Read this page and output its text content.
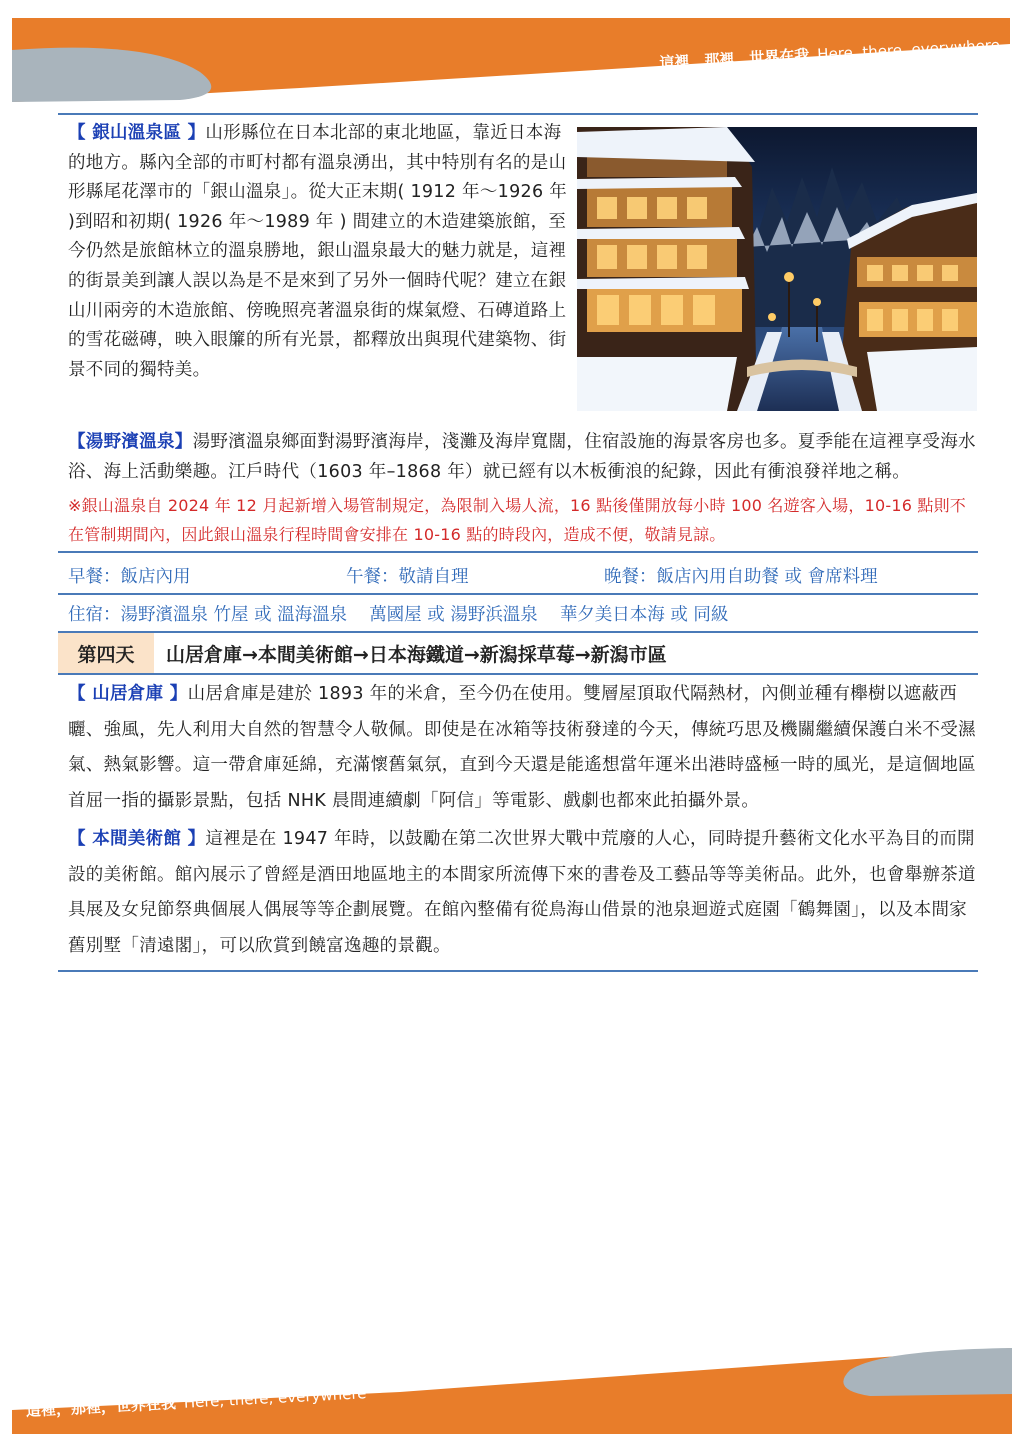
這裡，那裡，世界在我 Here, there, everywhere
【 銀山溫泉區 】山形縣位在日本北部的東北地區，靠近日本海的地方。縣內全部的市町村都有溫泉湧出，其中特別有名的是山形縣尾花澤市的「銀山溫泉」。從大正末期( 1912 年～1926 年 )到昭和初期( 1926 年～1989 年 ) 間建立的木造建築旅館，至今仍然是旅館林立的溫泉勝地，銀山溫泉最大的魅力就是，這裡的街景美到讓人誤以為是不是來到了另外一個時代呢？建立在銀山川兩旁的木造旅館、傍晚照亮著溫泉街的煤氣燈、石磚道路上的雪花磁磚，映入眼簾的所有光景，都釋放出與現代建築物、街景不同的獨特美。
【湯野濱溫泉】湯野濱溫泉鄉面對湯野濱海岸，淺灘及海岸寬闊，住宿設施的海景客房也多。夏季能在這裡享受海水浴、海上活動樂趣。江戶時代（1603 年–1868 年）就已經有以木板衝浪的紀錄，因此有衝浪發祥地之稱。
※銀山溫泉自 2024 年 12 月起新增入場管制規定，為限制入場人流，16 點後僅開放每小時 100 名遊客入場，10-16 點則不在管制期間內，因此銀山溫泉行程時間會安排在 10-16 點的時段內，造成不便，敬請見諒。
早餐：飯店內用	午餐：敬請自理	晚餐：飯店內用自助餐 或 會席料理
住宿：湯野濱溫泉 竹屋 或 溫海溫泉 萬國屋 或 湯野浜溫泉 華夕美日本海 或 同級
第四天	山居倉庫→本間美術館→日本海鐵道→新潟採草莓→新潟市區
【 山居倉庫 】山居倉庫是建於 1893 年的米倉，至今仍在使用。雙層屋頂取代隔熱材，內側並種有櫸樹以遮蔽西曬、強風，先人利用大自然的智慧令人敬佩。即使是在冰箱等技術發達的今天，傳統巧思及機關繼續保護白米不受濕氣、熱氣影響。這一帶倉庫延綿，充滿懷舊氣氛，直到今天還是能遙想當年運米出港時盛極一時的風光，是這個地區首屈一指的攝影景點，包括 NHK 晨間連續劇「阿信」等電影、戲劇也都來此拍攝外景。
【 本間美術館 】這裡是在 1947 年時，以鼓勵在第二次世界大戰中荒廢的人心，同時提升藝術文化水平為目的而開設的美術館。館內展示了曾經是酒田地區地主的本間家所流傳下來的書卷及工藝品等等美術品。此外，也會舉辦茶道具展及女兒節祭典個展人偶展等等企劃展覽。在館內整備有從鳥海山借景的池泉迴遊式庭園「鶴舞園」，以及本間家舊別墅「清遠閣」，可以欣賞到饒富逸趣的景觀。
這裡，那裡，世界在我 Here, there, everywhere
